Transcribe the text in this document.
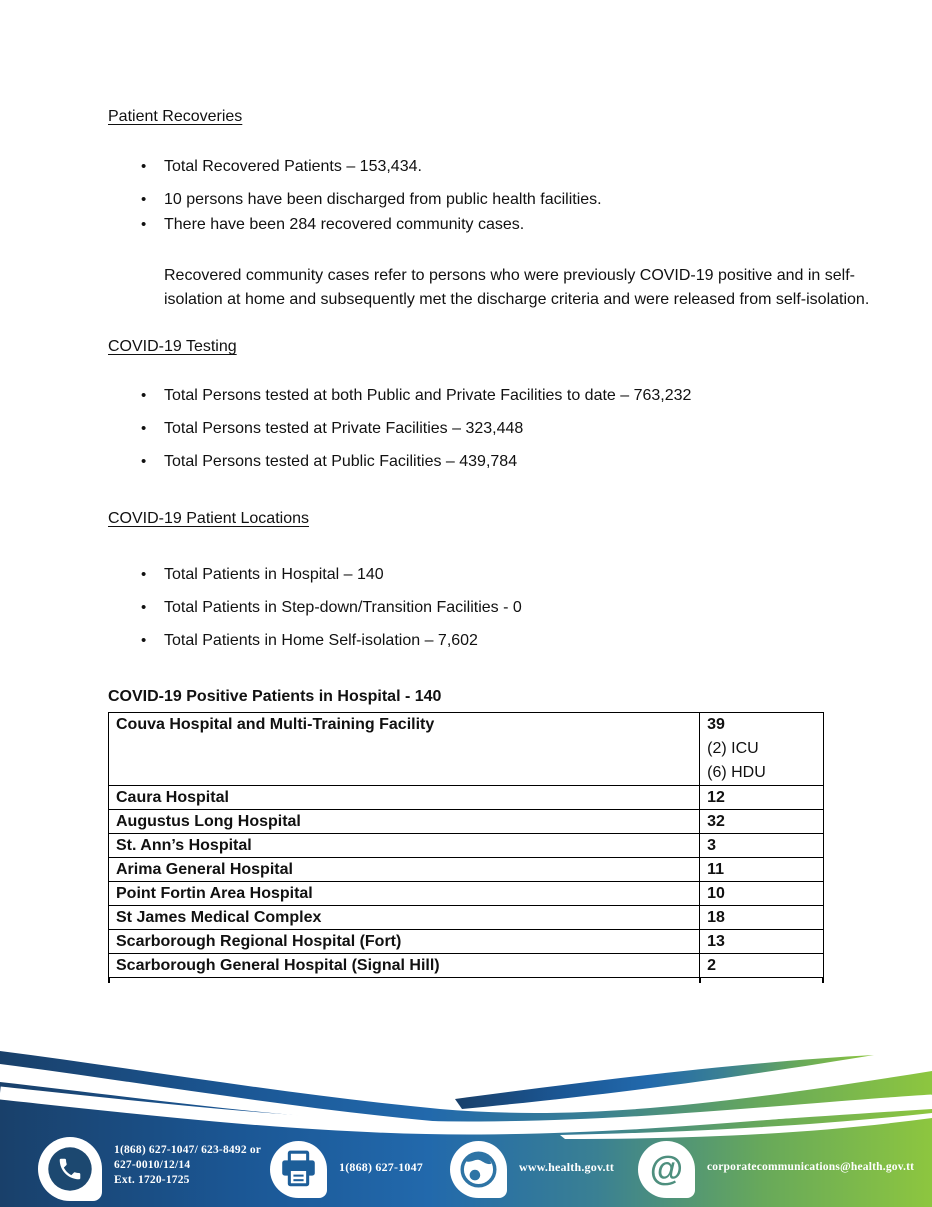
Patient Recoveries
•	Total Recovered Patients – 153,434.
•	10 persons have been discharged from public health facilities.
•	There have been 284 recovered community cases.

Recovered community cases refer to persons who were previously COVID-19 positive and in self-isolation at home and subsequently met the discharge criteria and were released from self-isolation.

COVID-19 Testing
•	Total Persons tested at both Public and Private Facilities to date – 763,232
•	Total Persons tested at Private Facilities – 323,448
•	Total Persons tested at Public Facilities – 439,784
COVID-19 Patient Locations
•	Total Patients in Hospital – 140
•	Total Patients in Step-down/Transition Facilities - 0
•	Total Patients in Home Self-isolation – 7,602
COVID-19 Positive Patients in Hospital - 140
Couva Hospital and Multi-Training Facility	39
(2) ICU
(6) HDU

Caura Hospital	12
Augustus Long Hospital	32
St. Ann’s Hospital	3
Arima General Hospital	11
Point Fortin Area Hospital	10
St James Medical Complex	18
Scarborough Regional Hospital (Fort)	13
Scarborough General Hospital (Signal Hill)	2
1(868) 627-1047/ 623-8492 or
627-0010/12/14
Ext. 1720-1725
1(868) 627-1047	www.health.gov.tt	@	corporatecommunications@health.gov.tt
